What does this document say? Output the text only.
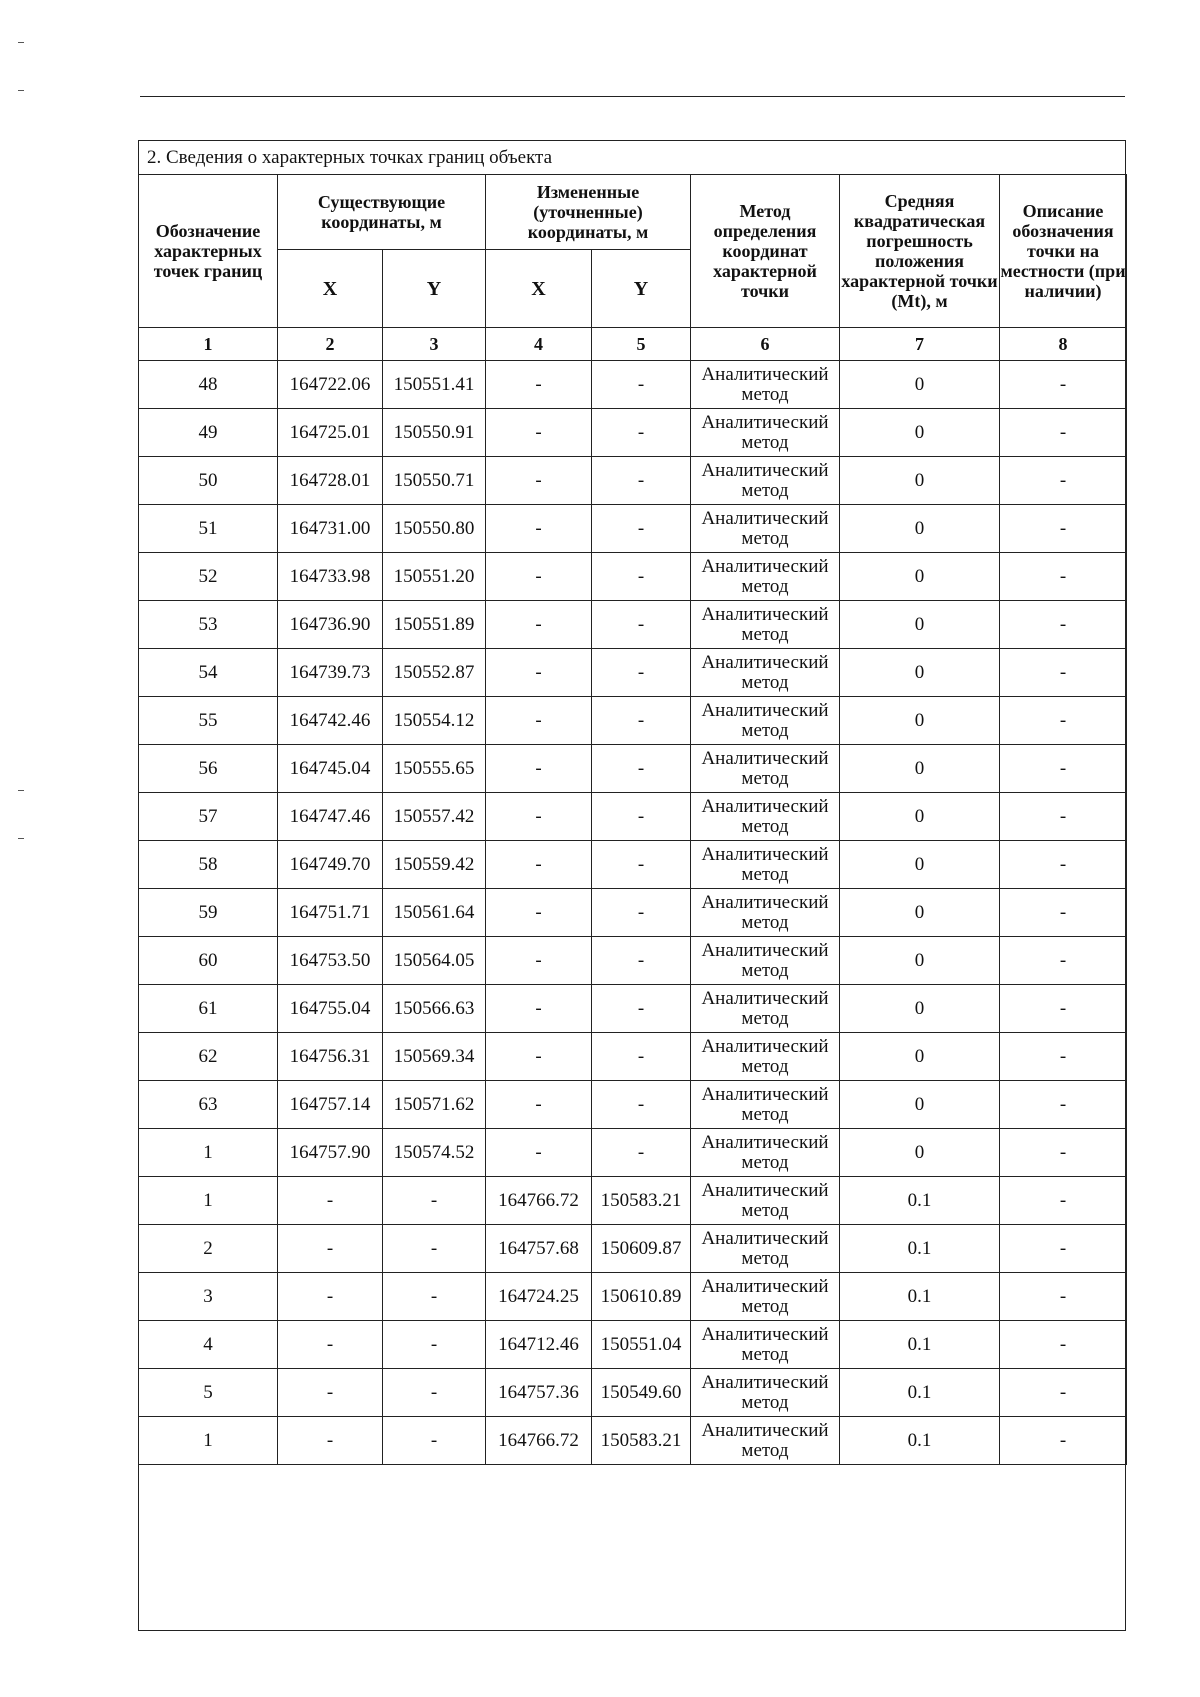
2. Сведения о характерных точках границ объекта
Обозначение характерных точек границ	Существующие координаты, м		Измененные (уточненные) координаты, м		Метод определения координат характерной точки	Средняя квадратическая погрешность положения характерной точки (Mt), м	Описание обозначения точки на местности (при наличии)
	X	Y	X	Y			
1	2	3	4	5	6	7	8
48	164722.06	150551.41	-	-	Аналитический метод	0	-
49	164725.01	150550.91	-	-	Аналитический метод	0	-
50	164728.01	150550.71	-	-	Аналитический метод	0	-
51	164731.00	150550.80	-	-	Аналитический метод	0	-
52	164733.98	150551.20	-	-	Аналитический метод	0	-
53	164736.90	150551.89	-	-	Аналитический метод	0	-
54	164739.73	150552.87	-	-	Аналитический метод	0	-
55	164742.46	150554.12	-	-	Аналитический метод	0	-
56	164745.04	150555.65	-	-	Аналитический метод	0	-
57	164747.46	150557.42	-	-	Аналитический метод	0	-
58	164749.70	150559.42	-	-	Аналитический метод	0	-
59	164751.71	150561.64	-	-	Аналитический метод	0	-
60	164753.50	150564.05	-	-	Аналитический метод	0	-
61	164755.04	150566.63	-	-	Аналитический метод	0	-
62	164756.31	150569.34	-	-	Аналитический метод	0	-
63	164757.14	150571.62	-	-	Аналитический метод	0	-
1	164757.90	150574.52	-	-	Аналитический метод	0	-
1	-	-	164766.72	150583.21	Аналитический метод	0.1	-
2	-	-	164757.68	150609.87	Аналитический метод	0.1	-
3	-	-	164724.25	150610.89	Аналитический метод	0.1	-
4	-	-	164712.46	150551.04	Аналитический метод	0.1	-
5	-	-	164757.36	150549.60	Аналитический метод	0.1	-
1	-	-	164766.72	150583.21	Аналитический метод	0.1	-
